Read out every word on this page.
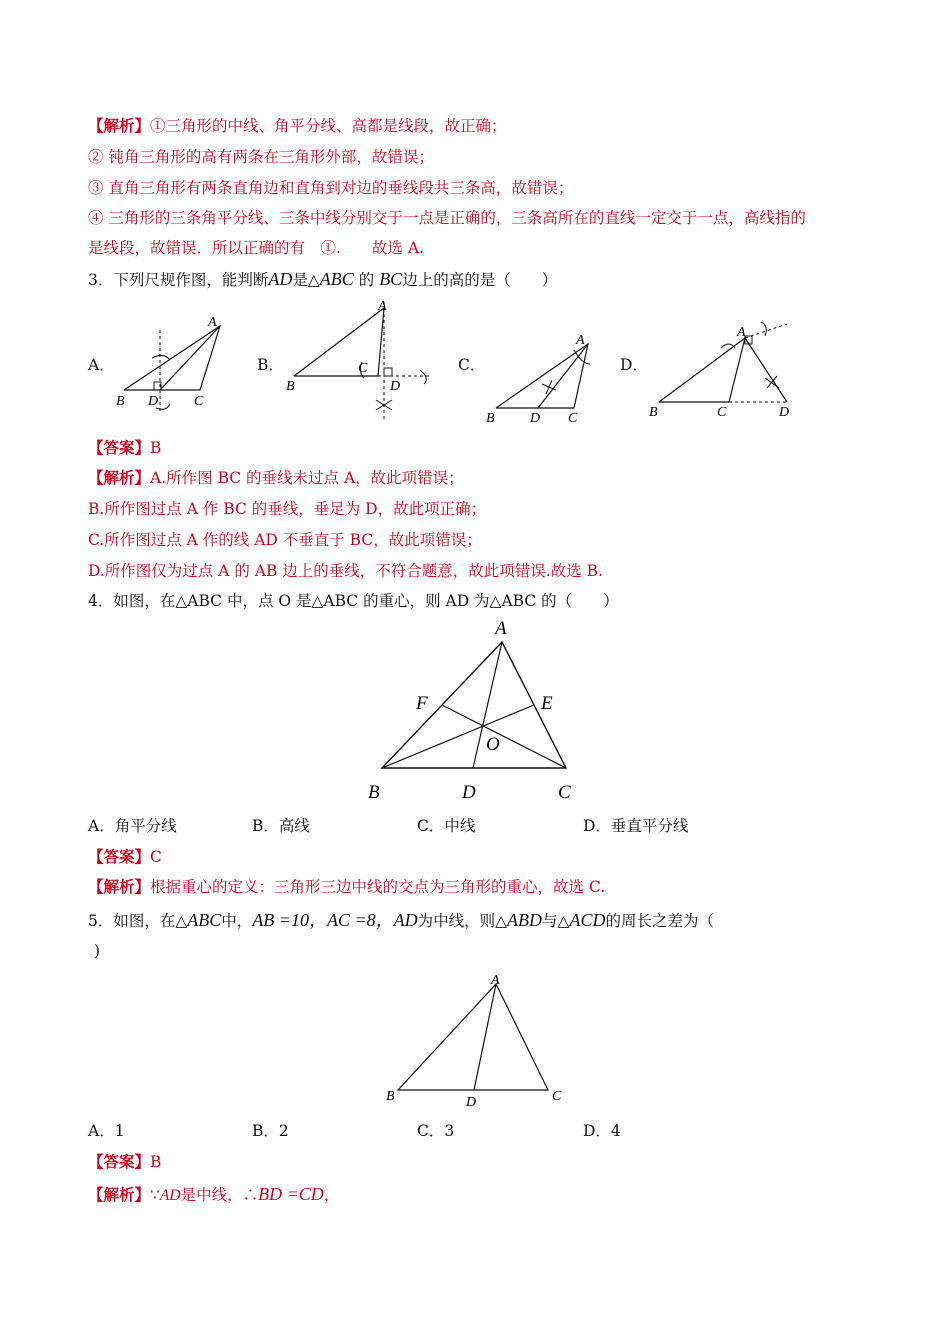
【解析】①三角形的中线、角平分线、高都是线段，故正确；
② 钝角三角形的高有两条在三角形外部，故错误；
③ 直角三角形有两条直角边和直角到对边的垂线段共三条高，故错误；
④ 三角形的三条角平分线、三条中线分别交于一点是正确的，三条高所在的直线一定交于一点，高线指的
是线段，故错误．所以正确的有　①.　　故选 A.
3．下列尺规作图，能判断AD是△ABC 的 BC边上的高的是（　　）
A．
A
B D	C
B．
A
B
C
D
C．
A
B	D C
D．
A
B	C	D
【答案】B
【解析】A.所作图 BC 的垂线未过点 A，故此项错误；
B.所作图过点 A 作 BC 的垂线，垂足为 D，故此项正确；
C.所作图过点 A 作的线 AD 不垂直于 BC，故此项错误；
D.所作图仅为过点 A 的 AB 边上的垂线，不符合题意，故此项错误.故选 B.
4．如图，在△ABC 中，点 O 是△ABC 的重心，则 AD 为△ABC 的（　　）
A
B	D	C
F	E
O
A．角平分线	B．高线	C．中线	D．垂直平分线
【答案】C
【解析】根据重心的定义：三角形三边中线的交点为三角形的重心，故选 C.
5．如图，在△ABC中，AB =10，AC =8，AD为中线，则△ABD与△ACD的周长之差为（
)
A
B	D	C
A．1	B．2	C．3	D．4
【答案】B
【解析】∵AD是中线，∴BD =CD，
